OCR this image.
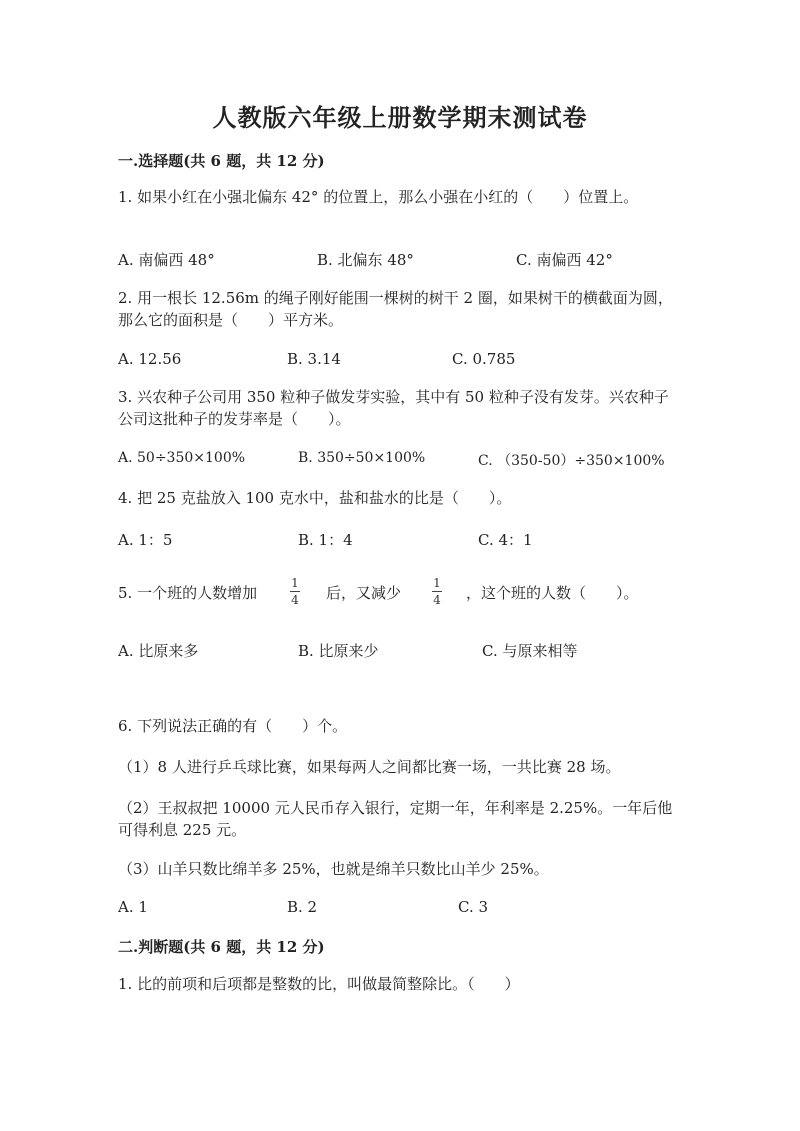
人教版六年级上册数学期末测试卷
一.选择题(共 6 题，共 12 分)
1. 如果小红在小强北偏东 42° 的位置上，那么小强在小红的（　　）位置上。
A. 南偏西 48°	B. 北偏东 48°	C. 南偏西 42°
2. 用一根长 12.56m 的绳子刚好能围一棵树的树干 2 圈，如果树干的横截面为圆，那么它的面积是（　　）平方米。
A. 12.56	B. 3.14	C. 0.785
3. 兴农种子公司用 350 粒种子做发芽实验，其中有 50 粒种子没有发芽。兴农种子公司这批种子的发芽率是（　　）。
A. 50÷350×100%	B. 350÷50×100%	C. （350-50）÷350×100%
4. 把 25 克盐放入 100 克水中，盐和盐水的比是（　　）。
A. 1：5	B. 1：4	C. 4：1
5. 一个班的人数增加
1
4 后，又减少
1
4 ，这个班的人数（　　）。
A. 比原来多	B. 比原来少	C. 与原来相等
6. 下列说法正确的有（　　）个。
（1）8 人进行乒乓球比赛，如果每两人之间都比赛一场，一共比赛 28 场。
（2）王叔叔把 10000 元人民币存入银行，定期一年，年利率是 2.25%。一年后他可得利息 225 元。
（3）山羊只数比绵羊多 25%，也就是绵羊只数比山羊少 25%。
A. 1	B. 2	C. 3
二.判断题(共 6 题，共 12 分)
1. 比的前项和后项都是整数的比，叫做最简整除比。（　　）
